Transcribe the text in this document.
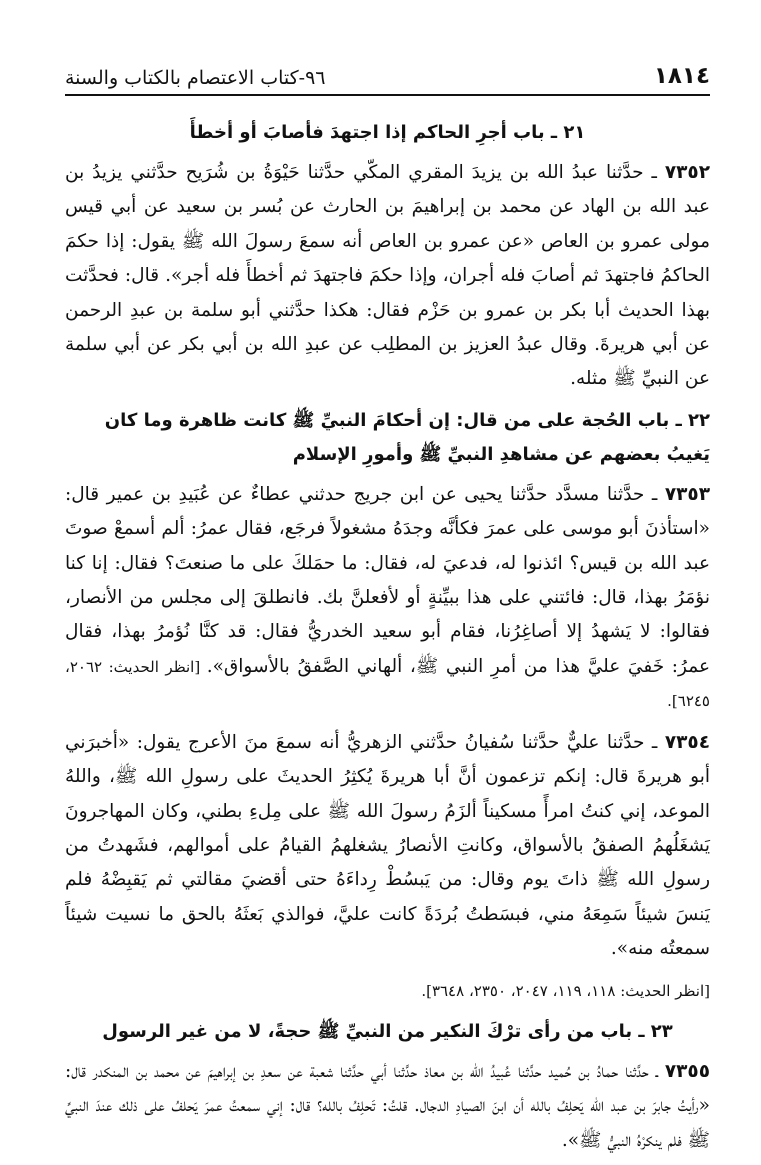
١٨١٤
٩٦-كتاب الاعتصام بالكتاب والسنة
٢١ ـ باب أجرِ الحاكم إذا اجتهدَ فأصابَ أو أخطأَ

٧٣٥٢ ـ حدَّثنا عبدُ الله بن يزيدَ المقري المكّي حدَّثنا حَيْوَةُ بن شُرَيح حدَّثني يزيدُ بن عبد الله بن الهاد عن محمد بن إبراهيمَ بن الحارث عن بُسر بن سعيد عن أبي قيس مولى عمرو بن العاص «عن عمرو بن العاص أنه سمعَ رسولَ الله ﷺ يقول: إذا حكمَ الحاكمُ فاجتهدَ ثم أصابَ فله أجران، وإذا حكمَ فاجتهدَ ثم أخطأَ فله أجر». قال: فحدَّثت بهذا الحديث أبا بكر بن عمرو بن حَزْم فقال: هكذا حدَّثني أبو سلمة بن عبدِ الرحمن عن أبي هريرةَ. وقال عبدُ العزيز بن المطلِب عن عبدِ الله بن أبي بكر عن أبي سلمة عن النبيِّ ﷺ مثله.

٢٢ ـ باب الحُجة على من قال: إن أحكامَ النبيِّ ﷺ كانت ظاهرة وما كان يَغيبُ بعضهم عن مشاهدِ النبيِّ ﷺ وأمورِ الإسلام

٧٣٥٣ ـ حدَّثنا مسدَّد حدَّثنا يحيى عن ابن جريج حدثني عطاءٌ عن عُبَيدِ بن عمير قال: «استأذنَ أبو موسى على عمرَ فكأنَّه وجدَهُ مشغولاً فرجَع، فقال عمرُ: ألم أسمعْ صوتَ عبد الله بن قيس؟ ائذنوا له، فدعيَ له، فقال: ما حمَلكَ على ما صنعتَ؟ فقال: إنا كنا نؤمَرُ بهذا، قال: فائتني على هذا ببيِّنةٍ أو لأفعلنَّ بك. فانطلقَ إلى مجلس من الأنصار، فقالوا: لا يَشهدُ إلا أصاغِرُنا، فقام أبو سعيد الخدريُّ فقال: قد كنَّا نُؤمرُ بهذا، فقال عمرُ: خَفيَ عليَّ هذا من أمرِ النبي ﷺ، ألهاني الصَّفقُ بالأسواق». [انظر الحديث: ٢٠٦٢، ٦٢٤٥].

٧٣٥٤ ـ حدَّثنا عليٌّ حدَّثنا سُفيانُ حدَّثني الزهريُّ أنه سمعَ منَ الأعرج يقول: «أخبرَني أبو هريرةَ قال: إنكم تزعمون أنَّ أبا هريرةَ يُكثِرُ الحديثَ على رسولِ الله ﷺ، واللهُ الموعد، إني كنتُ امرأً مسكيناً ألزَمُ رسولَ الله ﷺ على مِلءِ بطني، وكان المهاجرونَ يَشغَلُهمُ الصفقُ بالأسواق، وكانتِ الأنصارُ يشغلهمُ القيامُ على أموالهم، فشَهدتُ من رسولِ الله ﷺ ذاتَ يوم وقال: من يَبسُطْ رِداءَهُ حتى أقضيَ مقالتي ثم يَقبِضْهُ فلم يَنسَ شيئاً سَمِعَهُ مني، فبسَطتُ بُردَةً كانت عليَّ، فوالذي بَعثَهُ بالحق ما نسيت شيئاً سمعتُه منه».

[انظر الحديث: ١١٨، ١١٩، ٢٠٤٧، ٢٣٥٠، ٣٦٤٨].

٢٣ ـ باب من رأى ترْكَ النكير من النبيِّ ﷺ حجةً، لا من غير الرسول

٧٣٥٥ ـ حدَّثنا حمادُ بن حُميد حدَّثنا عُبيدُ الله بن معاذ حدَّثنا أبي حدَّثنا شعبة عن سعدِ بن إبراهيمَ عن محمد بن المنكدر قال: «رأيتُ جابرَ بن عبد الله يَحلِفُ بالله أن ابنَ الصيادِ الدجال. قلتُ: تَحلِفُ بالله؟ قال: إني سمعتُ عمرَ يَحلفُ على ذلك عندَ النبيِّ ﷺ فلم ينكرْهُ النبيُّ ﷺ».
